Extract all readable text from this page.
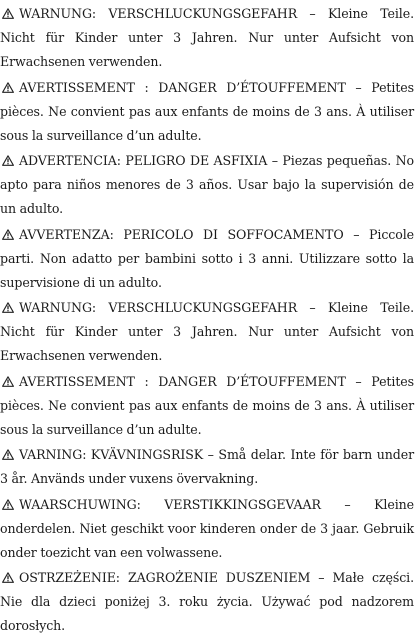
WARNUNG: VERSCHLUCKUNGSGEFAHR – Kleine Teile. Nicht für Kinder unter 3 Jahren. Nur unter Aufsicht von Erwachsenen verwenden.

AVERTISSEMENT : DANGER D’ÉTOUFFEMENT – Petites pièces. Ne convient pas aux enfants de moins de 3 ans. À utiliser sous la surveillance d’un adulte.

ADVERTENCIA: PELIGRO DE ASFIXIA – Piezas pequeñas. No apto para niños menores de 3 años. Usar bajo la supervisión de un adulto.

AVVERTENZA: PERICOLO DI SOFFOCAMENTO – Piccole parti. Non adatto per bambini sotto i 3 anni. Utilizzare sotto la supervisione di un adulto.

WARNUNG: VERSCHLUCKUNGSGEFAHR – Kleine Teile. Nicht für Kinder unter 3 Jahren. Nur unter Aufsicht von Erwachsenen verwenden.

AVERTISSEMENT : DANGER D’ÉTOUFFEMENT – Petites pièces. Ne convient pas aux enfants de moins de 3 ans. À utiliser sous la surveillance d’un adulte.

VARNING: KVÄVNINGSRISK – Små delar. Inte för barn under 3 år. Används under vuxens övervakning.

WAARSCHUWING: VERSTIKKINGSGEVAAR – Kleine onderdelen. Niet geschikt voor kinderen onder de 3 jaar. Gebruik onder toezicht van een volwassene.

OSTRZEŻENIE: ZAGROŻENIE DUSZENIEM – Małe części. Nie dla dzieci poniżej 3. roku życia. Używać pod nadzorem dorosłych.
